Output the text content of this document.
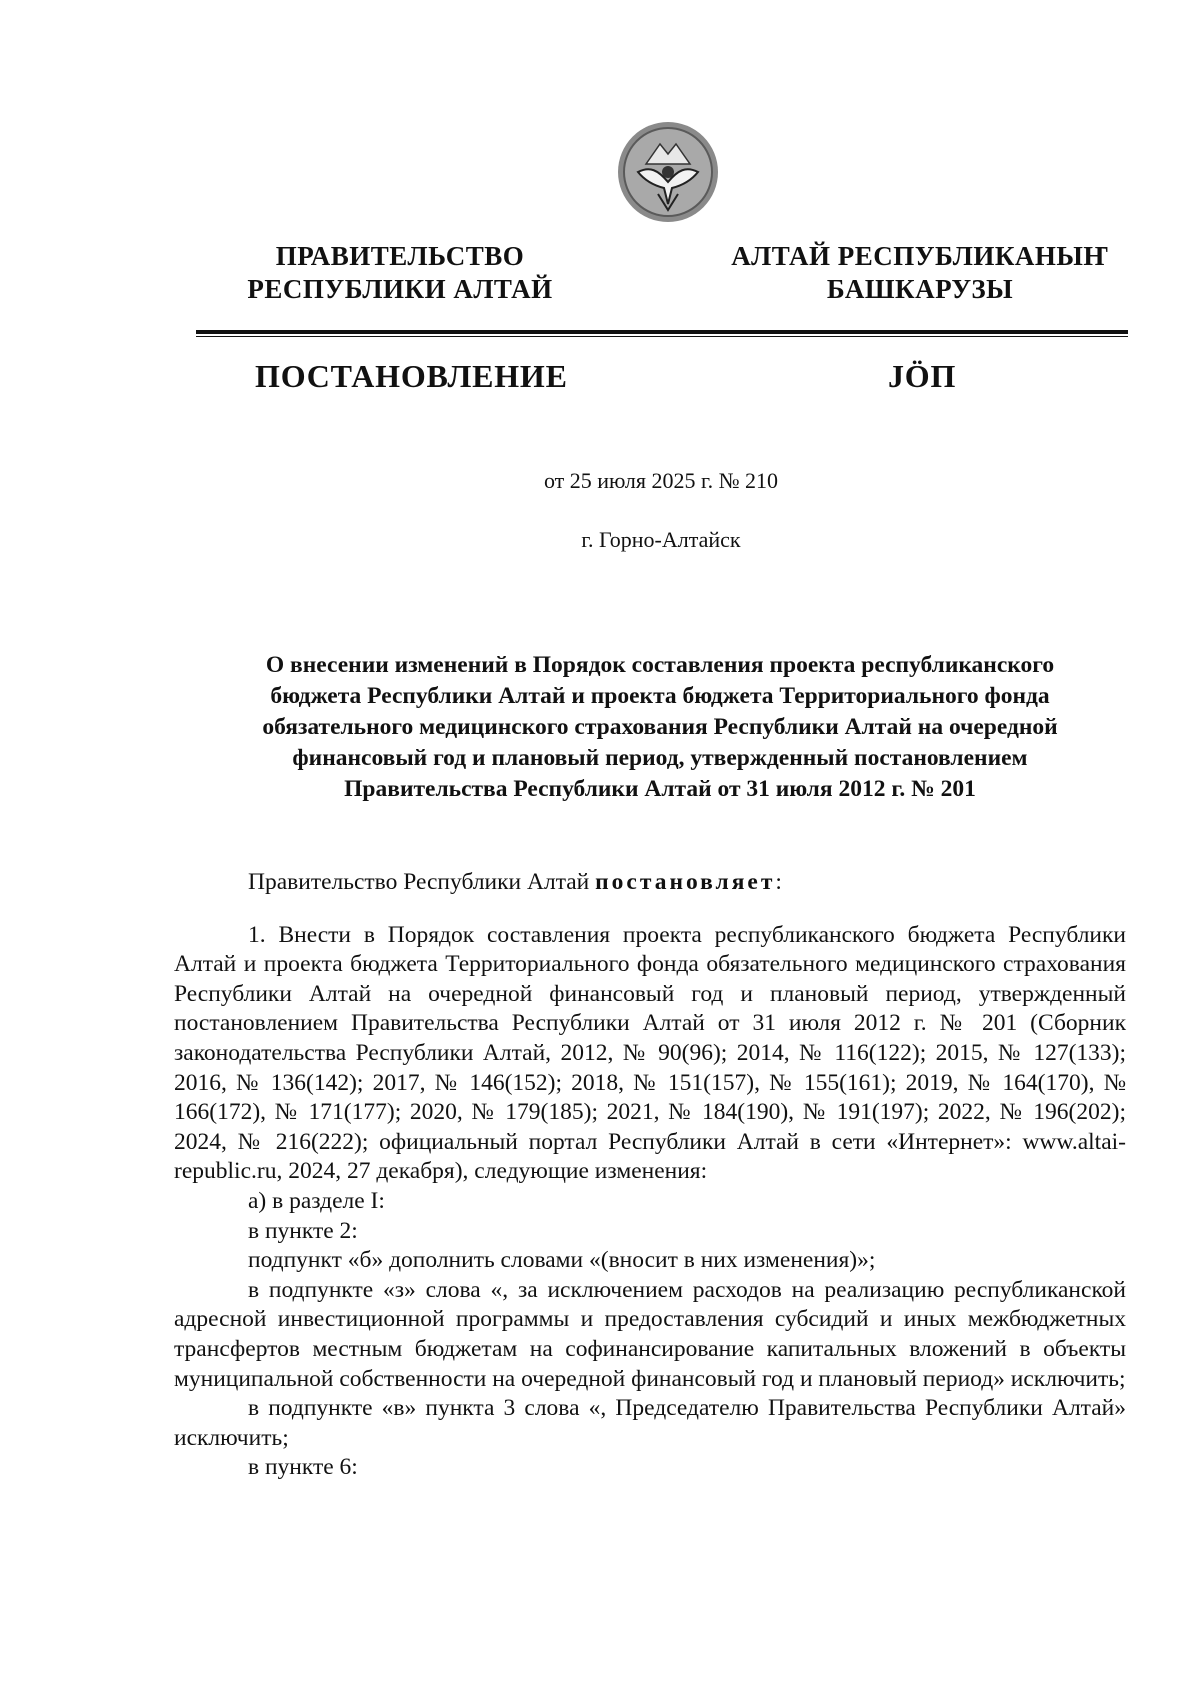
ПРАВИТЕЛЬСТВО
РЕСПУБЛИКИ АЛТАЙ
АЛТАЙ РЕСПУБЛИКАНЫҤ
БАШКАРУЗЫ
ПОСТАНОВЛЕНИЕ	JӦП
от 25 июля 2025 г. № 210
г. Горно-Алтайск
О внесении изменений в Порядок составления проекта республиканского
бюджета Республики Алтай и проекта бюджета Территориального фонда
обязательного медицинского страхования Республики Алтай на очередной
финансовый год и плановый период, утвержденный постановлением
Правительства Республики Алтай от 31 июля 2012 г. № 201

Правительство Республики Алтай постановляет:

1. Внести в Порядок составления проекта республиканского бюджета Республики Алтай и проекта бюджета Территориального фонда обязательного медицинского страхования Республики Алтай на очередной финансовый год и плановый период, утвержденный постановлением Правительства Республики Алтай от 31 июля 2012 г. № 201 (Сборник законодательства Республики Алтай, 2012, № 90(96); 2014, № 116(122); 2015, № 127(133); 2016, № 136(142); 2017, № 146(152); 2018, № 151(157), № 155(161); 2019, № 164(170), № 166(172), № 171(177); 2020, № 179(185); 2021, № 184(190), № 191(197); 2022, № 196(202); 2024, № 216(222); официальный портал Республики Алтай в сети «Интернет»: www.altai-republic.ru, 2024, 27 декабря), следующие изменения:

а) в разделе I:

в пункте 2:

подпункт «б» дополнить словами «(вносит в них изменения)»;

в подпункте «з» слова «, за исключением расходов на реализацию республиканской адресной инвестиционной программы и предоставления субсидий и иных межбюджетных трансфертов местным бюджетам на софинансирование капитальных вложений в объекты муниципальной собственности на очередной финансовый год и плановый период» исключить;

в подпункте «в» пункта 3 слова «, Председателю Правительства Республики Алтай» исключить;

в пункте 6:
